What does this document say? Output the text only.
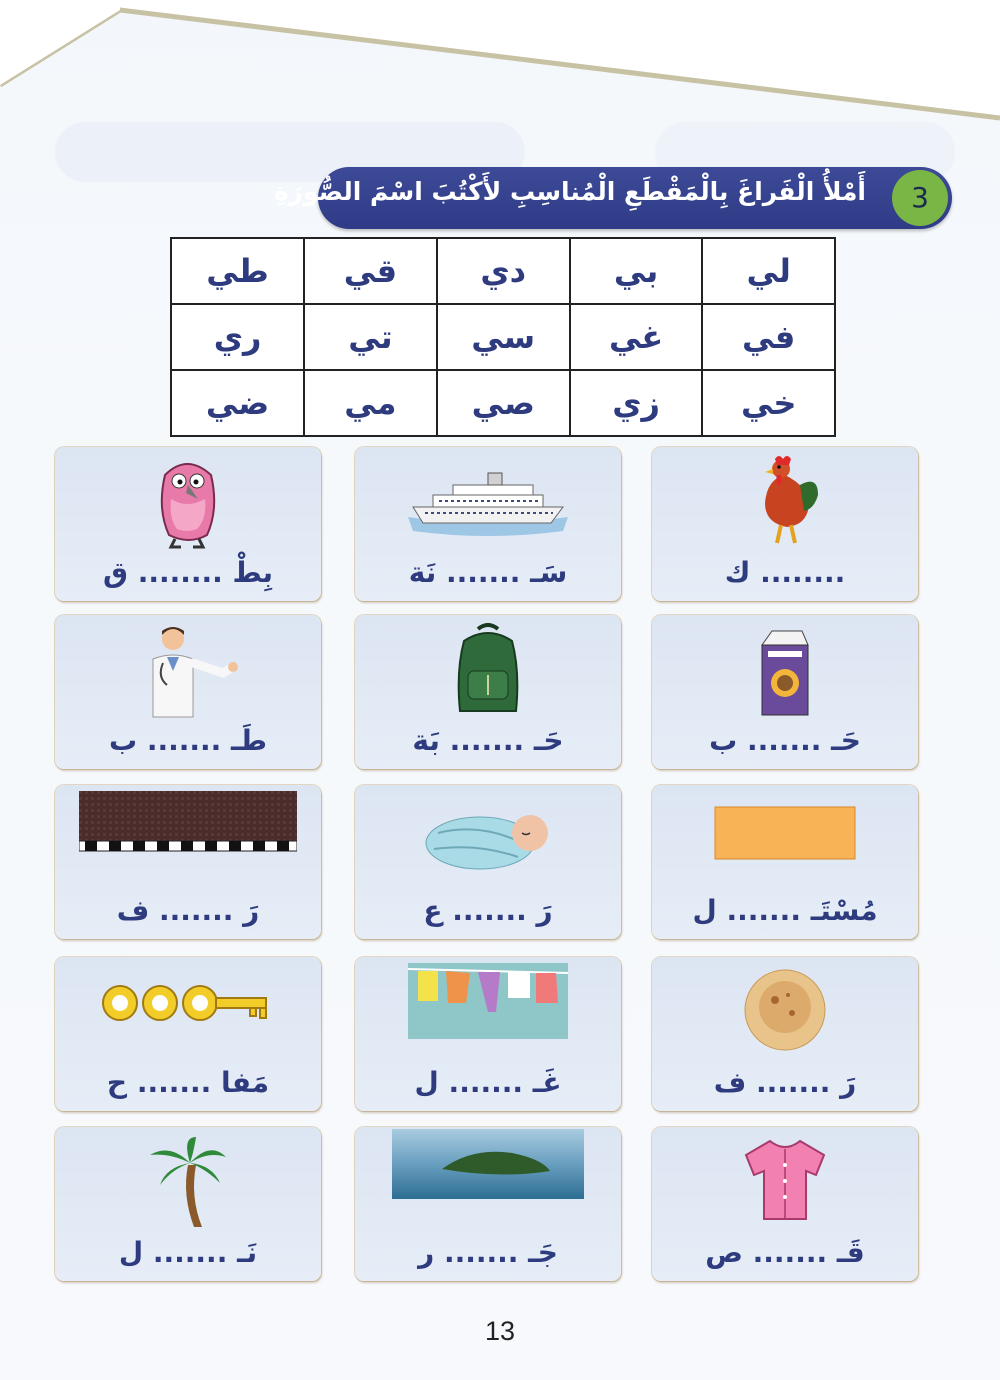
أَمْلأُ الْفَراغَ بِالْمَقْطَعِ الْمُناسِبِ لأَكْتُبَ اسْمَ الصُّورَةِ	3
لي	بي	دي	قي	طي
في	غي	سي	تي	ري
خي	زي	صي	مي	ضي
........ ك
سَـ ....... نَة
بِطْ ........ ق
حَـ ....... ب
حَـ ....... بَة
طَـ ....... ب
مُسْتَـ ....... ل
رَ ....... ع
رَ ....... ف
رَ ....... ف
غَـ ....... ل
مَفا ....... ح
قَـ ....... ص
جَـ ....... ر
نَـ ....... ل
13
